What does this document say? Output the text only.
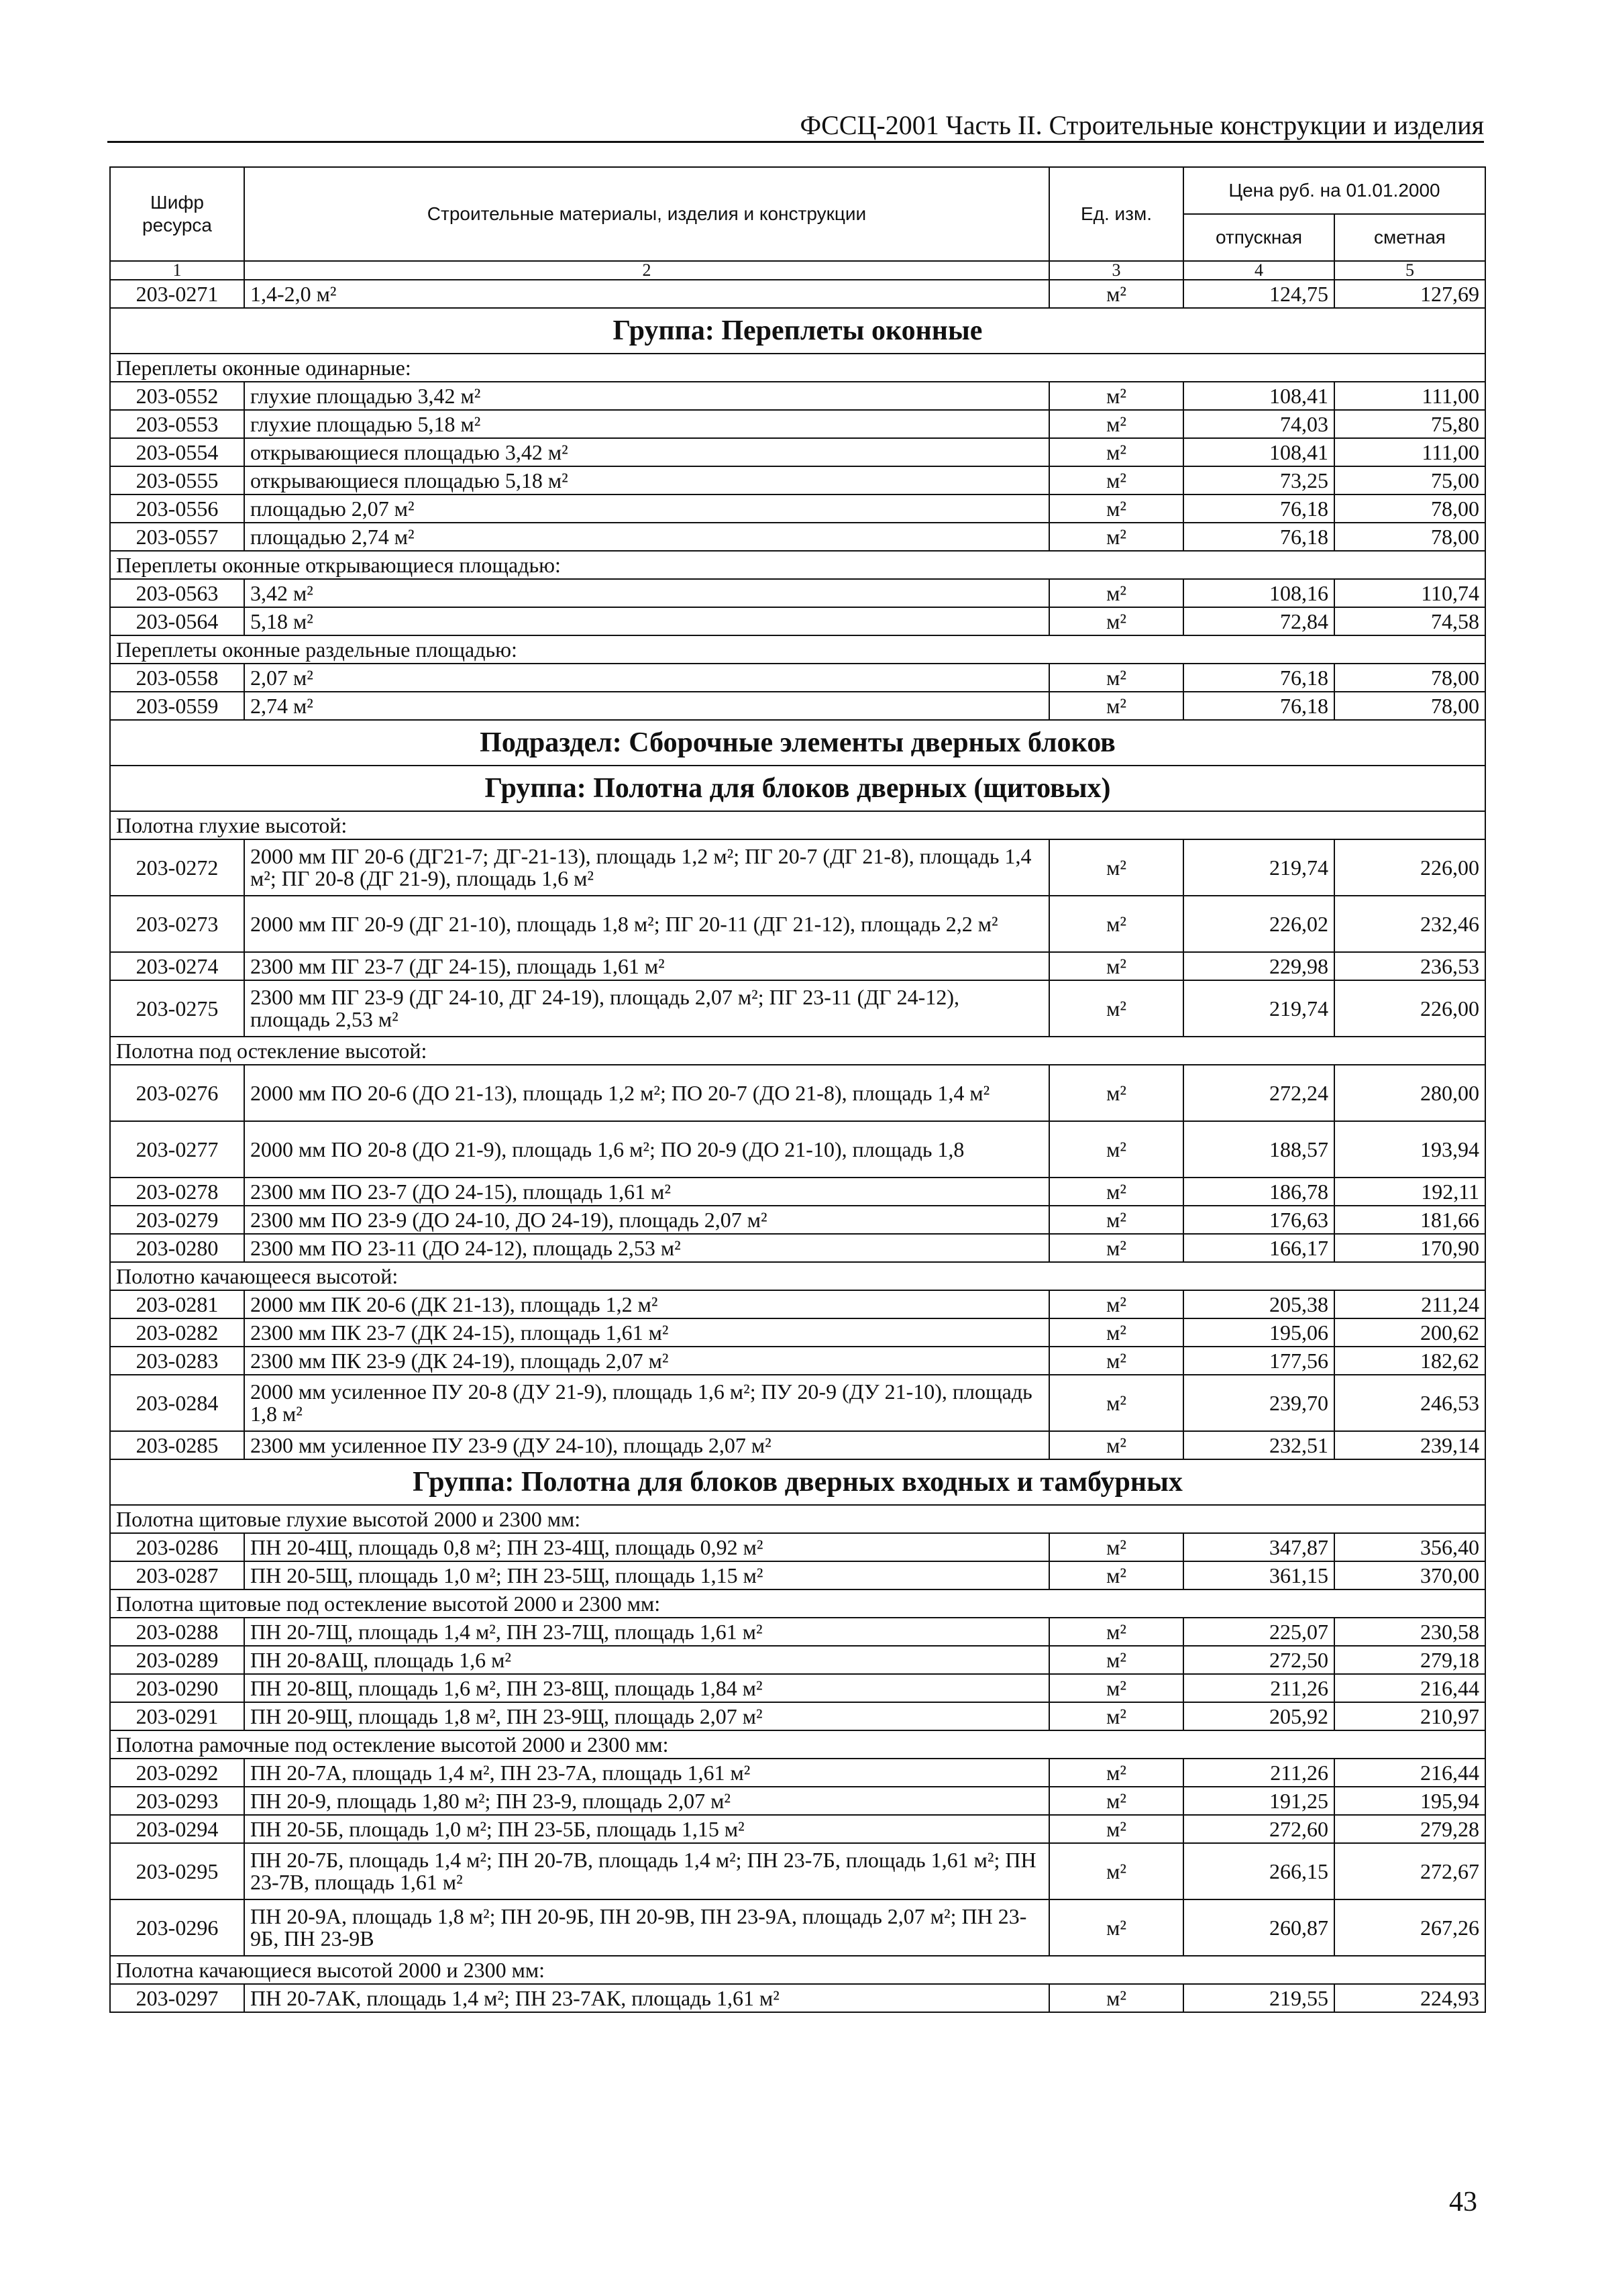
ФССЦ-2001 Часть II. Строительные конструкции и изделия
Шифр ресурса	Строительные материалы, изделия и конструкции	Ед. изм.	Цена руб. на 01.01.2000	
			отпускная	сметная
1	2	3	4	5
203-0271	1,4-2,0 м²	м²	124,75	127,69
Группа: Переплеты оконные				
Переплеты оконные одинарные:				
203-0552	глухие площадью 3,42 м²	м²	108,41	111,00
203-0553	глухие площадью 5,18 м²	м²	74,03	75,80
203-0554	открывающиеся площадью 3,42 м²	м²	108,41	111,00
203-0555	открывающиеся площадью 5,18 м²	м²	73,25	75,00
203-0556	площадью 2,07 м²	м²	76,18	78,00
203-0557	площадью 2,74 м²	м²	76,18	78,00
Переплеты оконные открывающиеся площадью:				
203-0563	3,42 м²	м²	108,16	110,74
203-0564	5,18 м²	м²	72,84	74,58
Переплеты оконные раздельные площадью:				
203-0558	2,07 м²	м²	76,18	78,00
203-0559	2,74 м²	м²	76,18	78,00
Подраздел: Сборочные элементы дверных блоков				
Группа: Полотна для блоков дверных (щитовых)				
Полотна глухие высотой:				
203-0272	2000 мм ПГ 20-6 (ДГ21-7; ДГ-21-13), площадь 1,2 м²; ПГ 20-7 (ДГ 21-8), площадь 1,4 м²; ПГ 20-8 (ДГ 21-9), площадь 1,6 м²	м²	219,74	226,00
203-0273	2000 мм ПГ 20-9 (ДГ 21-10), площадь 1,8 м²; ПГ 20-11 (ДГ 21-12), площадь 2,2 м²	м²	226,02	232,46
203-0274	2300 мм ПГ 23-7 (ДГ 24-15), площадь 1,61 м²	м²	229,98	236,53
203-0275	2300 мм ПГ 23-9 (ДГ 24-10, ДГ 24-19), площадь 2,07 м²; ПГ 23-11 (ДГ 24-12), площадь 2,53 м²	м²	219,74	226,00
Полотна под остекление высотой:				
203-0276	2000 мм ПО 20-6 (ДО 21-13), площадь 1,2 м²; ПО 20-7 (ДО 21-8), площадь 1,4 м²	м²	272,24	280,00
203-0277	2000 мм ПО 20-8 (ДО 21-9), площадь 1,6 м²; ПО 20-9 (ДО 21-10), площадь 1,8	м²	188,57	193,94
203-0278	2300 мм ПО 23-7 (ДО 24-15), площадь 1,61 м²	м²	186,78	192,11
203-0279	2300 мм ПО 23-9 (ДО 24-10, ДО 24-19), площадь 2,07 м²	м²	176,63	181,66
203-0280	2300 мм ПО 23-11 (ДО 24-12), площадь 2,53 м²	м²	166,17	170,90
Полотно качающееся высотой:				
203-0281	2000 мм ПК 20-6 (ДК 21-13), площадь 1,2 м²	м²	205,38	211,24
203-0282	2300 мм ПК 23-7 (ДК 24-15), площадь 1,61 м²	м²	195,06	200,62
203-0283	2300 мм ПК 23-9 (ДК 24-19), площадь 2,07 м²	м²	177,56	182,62
203-0284	2000 мм усиленное ПУ 20-8 (ДУ 21-9), площадь 1,6 м²; ПУ 20-9 (ДУ 21-10), площадь 1,8 м²	м²	239,70	246,53
203-0285	2300 мм усиленное ПУ 23-9 (ДУ 24-10), площадь 2,07 м²	м²	232,51	239,14
Группа: Полотна для блоков дверных входных и тамбурных				
Полотна щитовые глухие высотой 2000 и 2300 мм:				
203-0286	ПН 20-4Щ, площадь 0,8 м²; ПН 23-4Щ, площадь 0,92 м²	м²	347,87	356,40
203-0287	ПН 20-5Щ, площадь 1,0 м²; ПН 23-5Щ, площадь 1,15 м²	м²	361,15	370,00
Полотна щитовые под остекление высотой 2000 и 2300 мм:				
203-0288	ПН 20-7Щ, площадь 1,4 м², ПН 23-7Щ, площадь 1,61 м²	м²	225,07	230,58
203-0289	ПН 20-8АЩ, площадь 1,6 м²	м²	272,50	279,18
203-0290	ПН 20-8Щ, площадь 1,6 м², ПН 23-8Щ, площадь 1,84 м²	м²	211,26	216,44
203-0291	ПН 20-9Щ, площадь 1,8 м², ПН 23-9Щ, площадь 2,07 м²	м²	205,92	210,97
Полотна рамочные под остекление высотой 2000 и 2300 мм:				
203-0292	ПН 20-7А, площадь 1,4 м², ПН 23-7А, площадь 1,61 м²	м²	211,26	216,44
203-0293	ПН 20-9, площадь 1,80 м²; ПН 23-9, площадь 2,07 м²	м²	191,25	195,94
203-0294	ПН 20-5Б, площадь 1,0 м²; ПН 23-5Б, площадь 1,15 м²	м²	272,60	279,28
203-0295	ПН 20-7Б, площадь 1,4 м²; ПН 20-7В, площадь 1,4 м²; ПН 23-7Б, площадь 1,61 м²; ПН 23-7В, площадь 1,61 м²	м²	266,15	272,67
203-0296	ПН 20-9А, площадь 1,8 м²; ПН 20-9Б, ПН 20-9В, ПН 23-9А, площадь 2,07 м²; ПН 23-9Б, ПН 23-9В	м²	260,87	267,26
Полотна качающиеся высотой 2000 и 2300 мм:				
203-0297	ПН 20-7АК, площадь 1,4 м²; ПН 23-7АК, площадь 1,61 м²	м²	219,55	224,93
43
